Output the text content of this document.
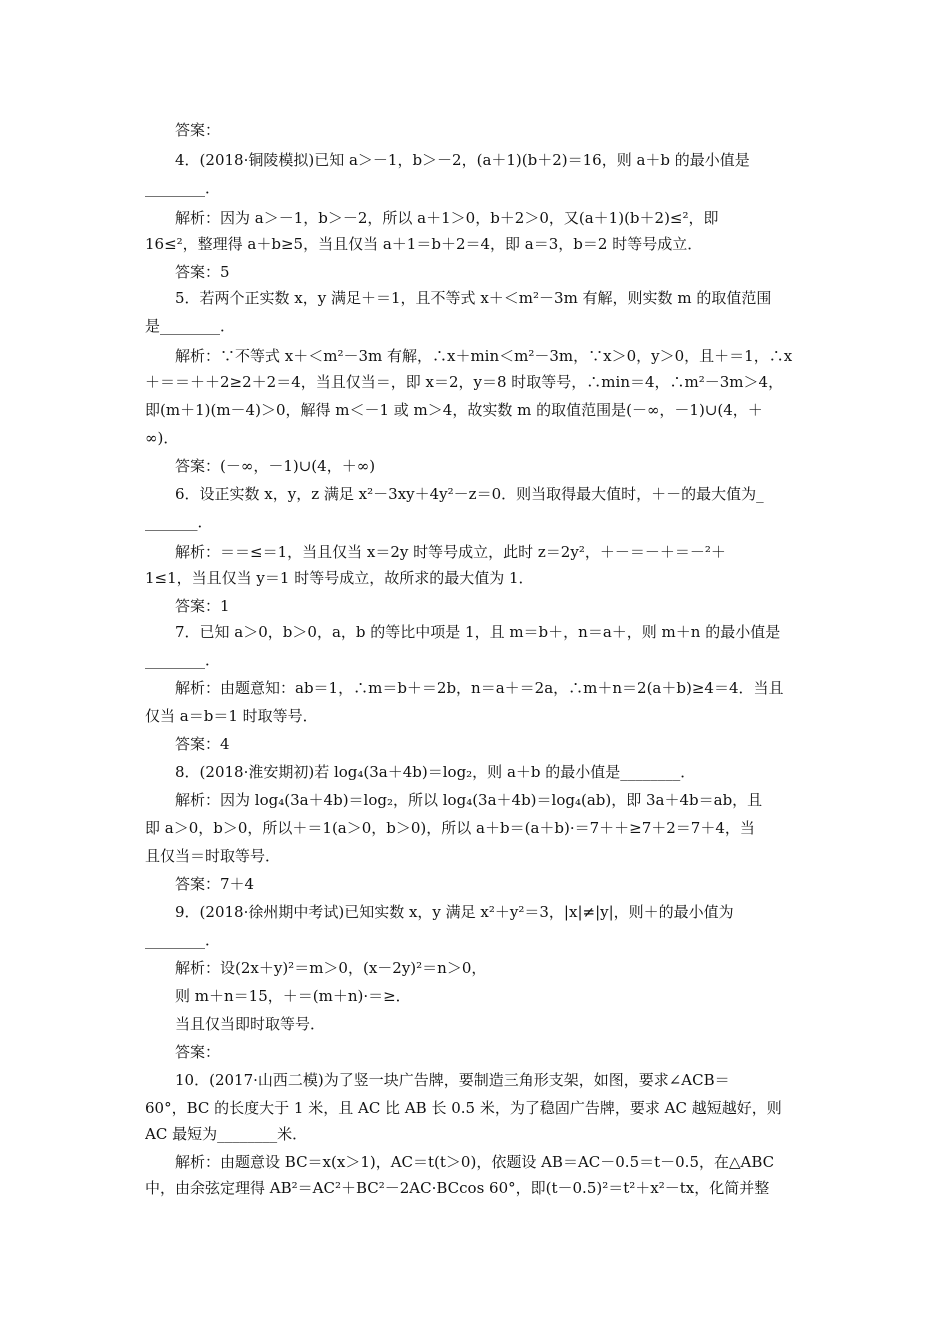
答案：

4．(2018·铜陵模拟)已知 a＞－1，b＞－2，(a＋1)(b＋2)＝16，则 a＋b 的最小值是

________．

解析：因为 a＞－1，b＞－2，所以 a＋1＞0，b＋2＞0，又(a＋1)(b＋2)≤²，即

16≤²，整理得 a＋b≥5，当且仅当 a＋1＝b＋2＝4，即 a＝3，b＝2 时等号成立．

答案：5

5．若两个正实数 x，y 满足＋＝1，且不等式 x＋＜m²－3m 有解，则实数 m 的取值范围

是________．

解析：∵不等式 x＋＜m²－3m 有解，∴x＋min＜m²－3m，∵x＞0，y＞0，且＋＝1，∴x

＋＝＝＋＋2≥2＋2＝4，当且仅当＝，即 x＝2，y＝8 时取等号，∴min＝4，∴m²－3m＞4，

即(m＋1)(m－4)＞0，解得 m＜－1 或 m＞4，故实数 m 的取值范围是(－∞，－1)∪(4，＋

∞)．

答案：(－∞，－1)∪(4，＋∞)

6．设正实数 x，y，z 满足 x²－3xy＋4y²－z＝0．则当取得最大值时，＋－的最大值为_

_______．

解析：＝＝≤＝1，当且仅当 x＝2y 时等号成立，此时 z＝2y²，＋－＝－＋＝－²＋

1≤1，当且仅当 y＝1 时等号成立，故所求的最大值为 1．

答案：1

7．已知 a＞0，b＞0，a，b 的等比中项是 1，且 m＝b＋，n＝a＋，则 m＋n 的最小值是

________．

解析：由题意知：ab＝1，∴m＝b＋＝2b，n＝a＋＝2a，∴m＋n＝2(a＋b)≥4＝4．当且

仅当 a＝b＝1 时取等号．

答案：4

8．(2018·淮安期初)若 log₄(3a＋4b)＝log₂，则 a＋b 的最小值是________．

解析：因为 log₄(3a＋4b)＝log₂，所以 log₄(3a＋4b)＝log₄(ab)，即 3a＋4b＝ab，且

即 a＞0，b＞0，所以＋＝1(a＞0，b＞0)，所以 a＋b＝(a＋b)·＝7＋＋≥7＋2＝7＋4，当

且仅当＝时取等号．

答案：7＋4

9．(2018·徐州期中考试)已知实数 x，y 满足 x²＋y²＝3，|x|≠|y|，则＋的最小值为

________．

解析：设(2x＋y)²＝m＞0，(x－2y)²＝n＞0，

则 m＋n＝15，＋＝(m＋n)·＝≥．

当且仅当即时取等号．

答案：

10．(2017·山西二模)为了竖一块广告牌，要制造三角形支架，如图，要求∠ACB＝

60°，BC 的长度大于 1 米，且 AC 比 AB 长 0.5 米，为了稳固广告牌，要求 AC 越短越好，则

AC 最短为________米．

解析：由题意设 BC＝x(x＞1)，AC＝t(t＞0)，依题设 AB＝AC－0.5＝t－0.5，在△ABC

中，由余弦定理得 AB²＝AC²＋BC²－2AC·BCcos 60°，即(t－0.5)²＝t²＋x²－tx，化简并整
